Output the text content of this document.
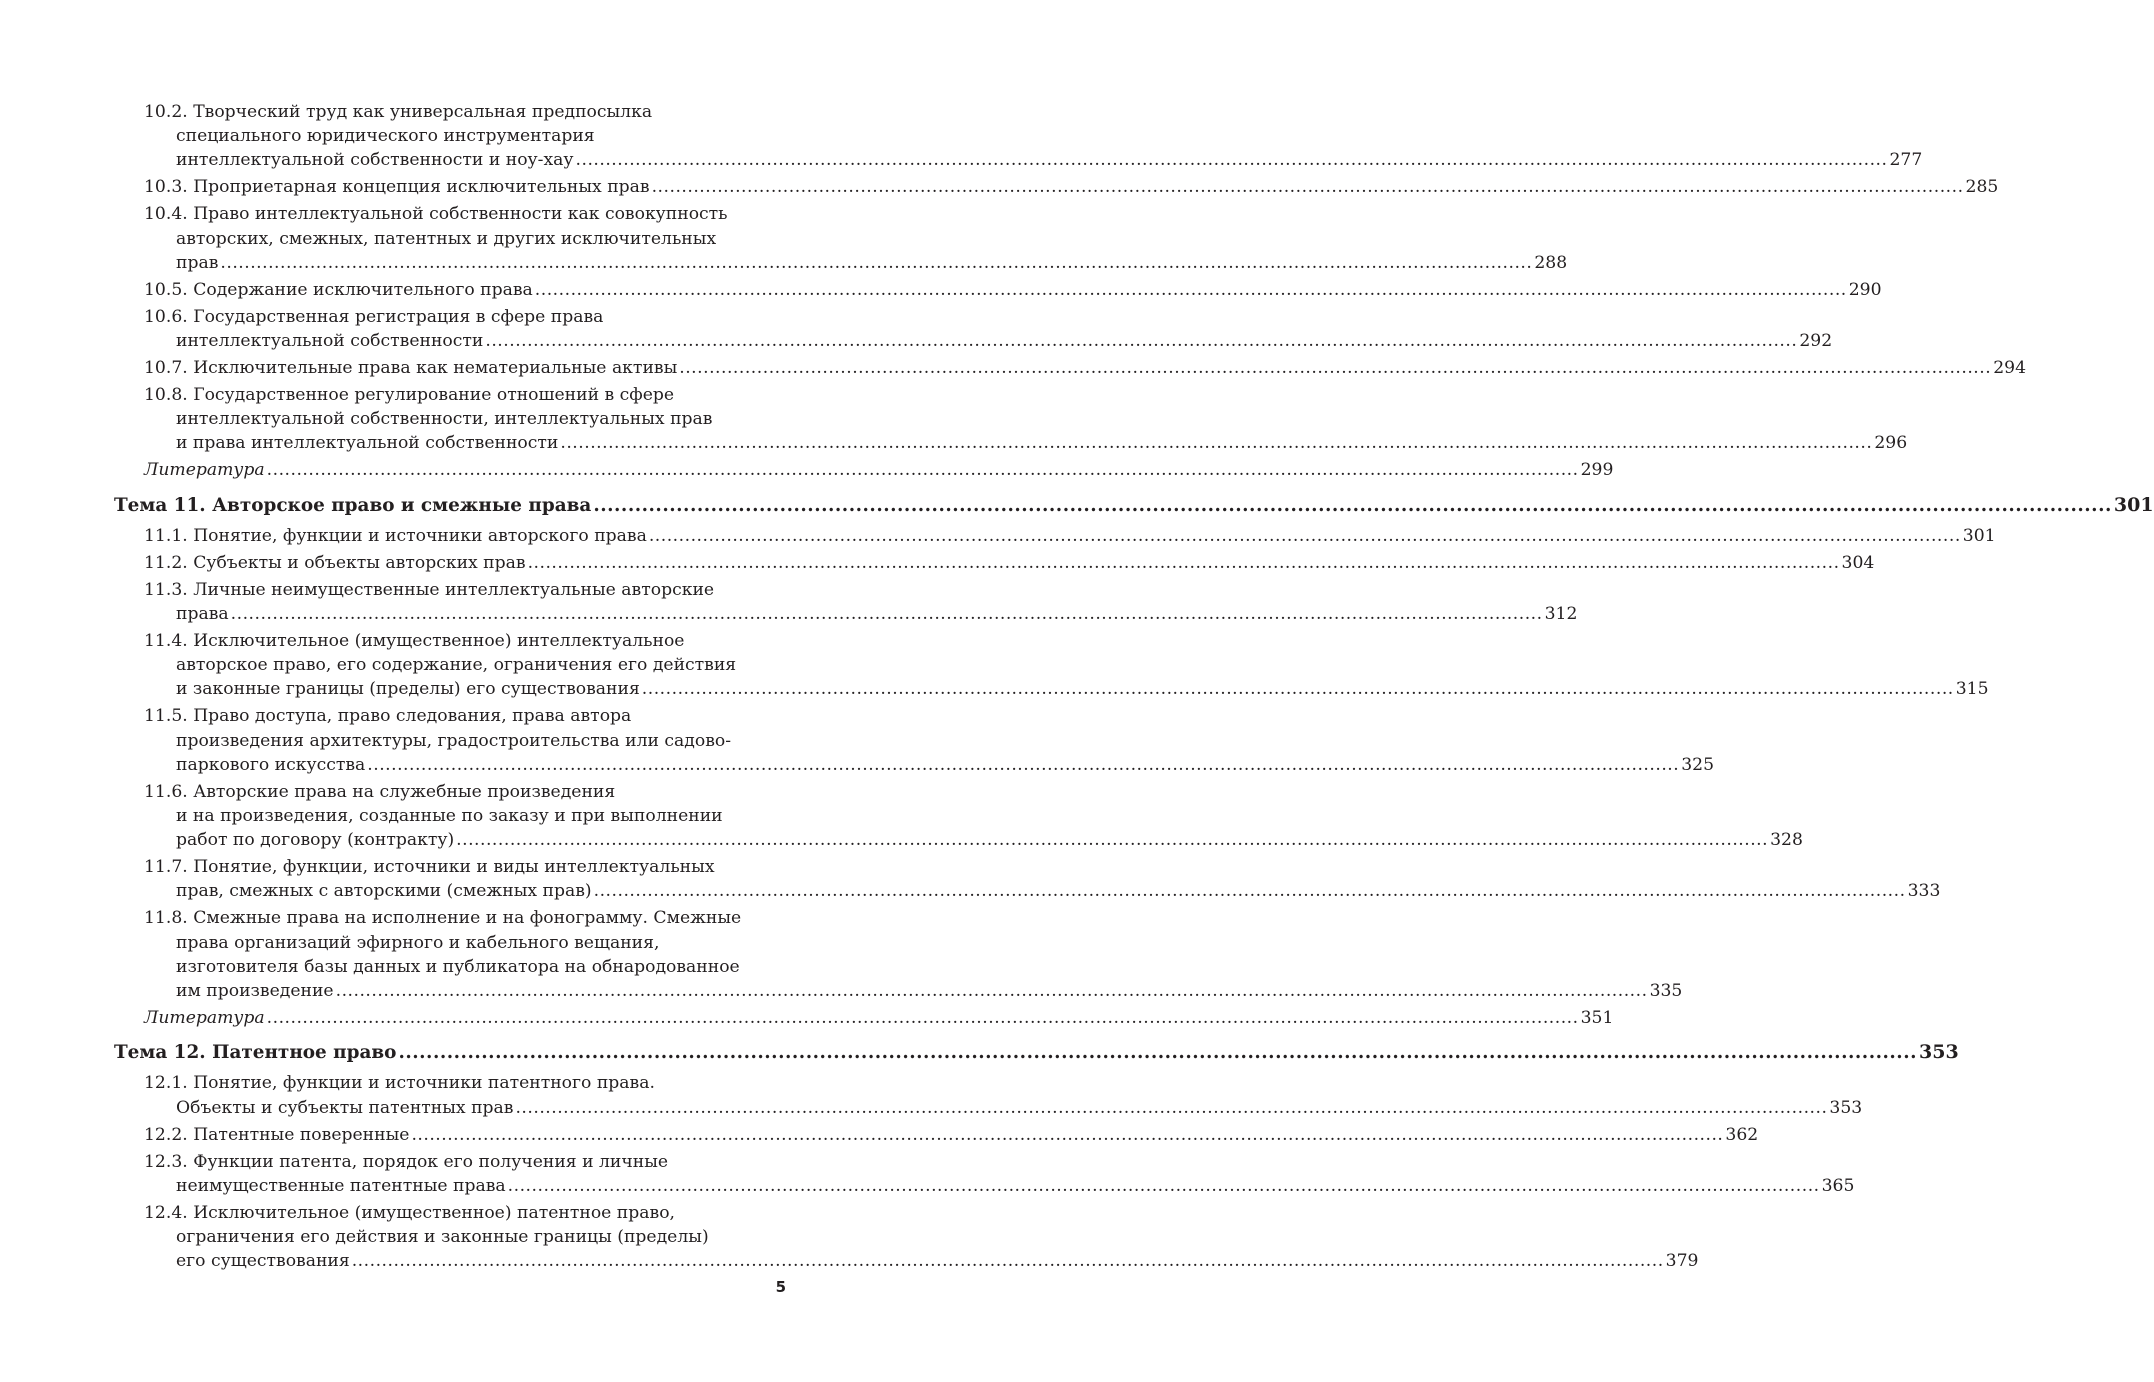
10.2. Творческий труд как универсальная предпосылка
специального юридического инструментария
интеллектуальной собственности и ноу-хау ............................................................................................................................................................................................................................ 277
10.3. Проприетарная концепция исключительных прав ............................................................................................................................................................................................................................ 285
10.4. Право интеллектуальной собственности как совокупность
авторских, смежных, патентных и других исключительных
прав ............................................................................................................................................................................................................................ 288
10.5. Содержание исключительного права ............................................................................................................................................................................................................................ 290
10.6. Государственная регистрация в сфере права
интеллектуальной собственности ............................................................................................................................................................................................................................ 292
10.7. Исключительные права как нематериальные активы ............................................................................................................................................................................................................................ 294
10.8. Государственное регулирование отношений в сфере
интеллектуальной собственности, интеллектуальных прав
и права интеллектуальной собственности ............................................................................................................................................................................................................................ 296
Литература ............................................................................................................................................................................................................................ 299
Тема 11. Авторское право и смежные права ............................................................................................................................................................................................................................ 301
11.1. Понятие, функции и источники авторского права ............................................................................................................................................................................................................................ 301
11.2. Субъекты и объекты авторских прав ............................................................................................................................................................................................................................ 304
11.3. Личные неимущественные интеллектуальные авторские
права ............................................................................................................................................................................................................................ 312
11.4. Исключительное (имущественное) интеллектуальное
авторское право, его содержание, ограничения его действия
и законные границы (пределы) его существования ............................................................................................................................................................................................................................ 315
11.5. Право доступа, право следования, права автора
произведения архитектуры, градостроительства или садово-
паркового искусства ............................................................................................................................................................................................................................ 325
11.6. Авторские права на служебные произведения
и на произведения, созданные по заказу и при выполнении
работ по договору (контракту) ............................................................................................................................................................................................................................ 328
11.7. Понятие, функции, источники и виды интеллектуальных
прав, смежных с авторскими (смежных прав) ............................................................................................................................................................................................................................ 333
11.8. Смежные права на исполнение и на фонограмму. Смежные
права организаций эфирного и кабельного вещания,
изготовителя базы данных и публикатора на обнародованное
им произведение ............................................................................................................................................................................................................................ 335
Литература ............................................................................................................................................................................................................................ 351
Тема 12. Патентное право ............................................................................................................................................................................................................................ 353
12.1. Понятие, функции и источники патентного права.
Объекты и субъекты патентных прав ............................................................................................................................................................................................................................ 353
12.2. Патентные поверенные ............................................................................................................................................................................................................................ 362
12.3. Функции патента, порядок его получения и личные
неимущественные патентные права ............................................................................................................................................................................................................................ 365
12.4. Исключительное (имущественное) патентное право,
ограничения его действия и законные границы (пределы)
его существования ............................................................................................................................................................................................................................ 379
5
